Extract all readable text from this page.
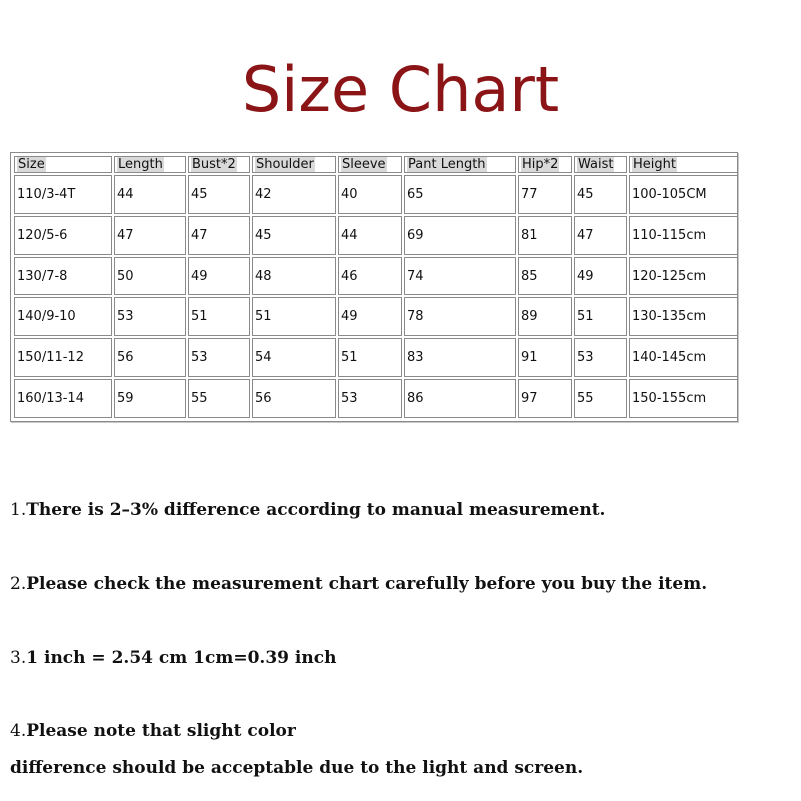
Size Chart
Size	Length	Bust*2	Shoulder	Sleeve	Pant Length	Hip*2	Waist	Height
110/3-4T	44	45	42	40	65	77	45	100-105CM
120/5-6	47	47	45	44	69	81	47	110-115cm
130/7-8	50	49	48	46	74	85	49	120-125cm
140/9-10	53	51	51	49	78	89	51	130-135cm
150/11-12	56	53	54	51	83	91	53	140-145cm
160/13-14	59	55	56	53	86	97	55	150-155cm
1.There is 2–3% difference according to manual measurement.
2.Please check the measurement chart carefully before you buy the item.
3.1 inch = 2.54 cm 1cm=0.39 inch
4.Please note that slight color
difference should be acceptable due to the light and screen.
